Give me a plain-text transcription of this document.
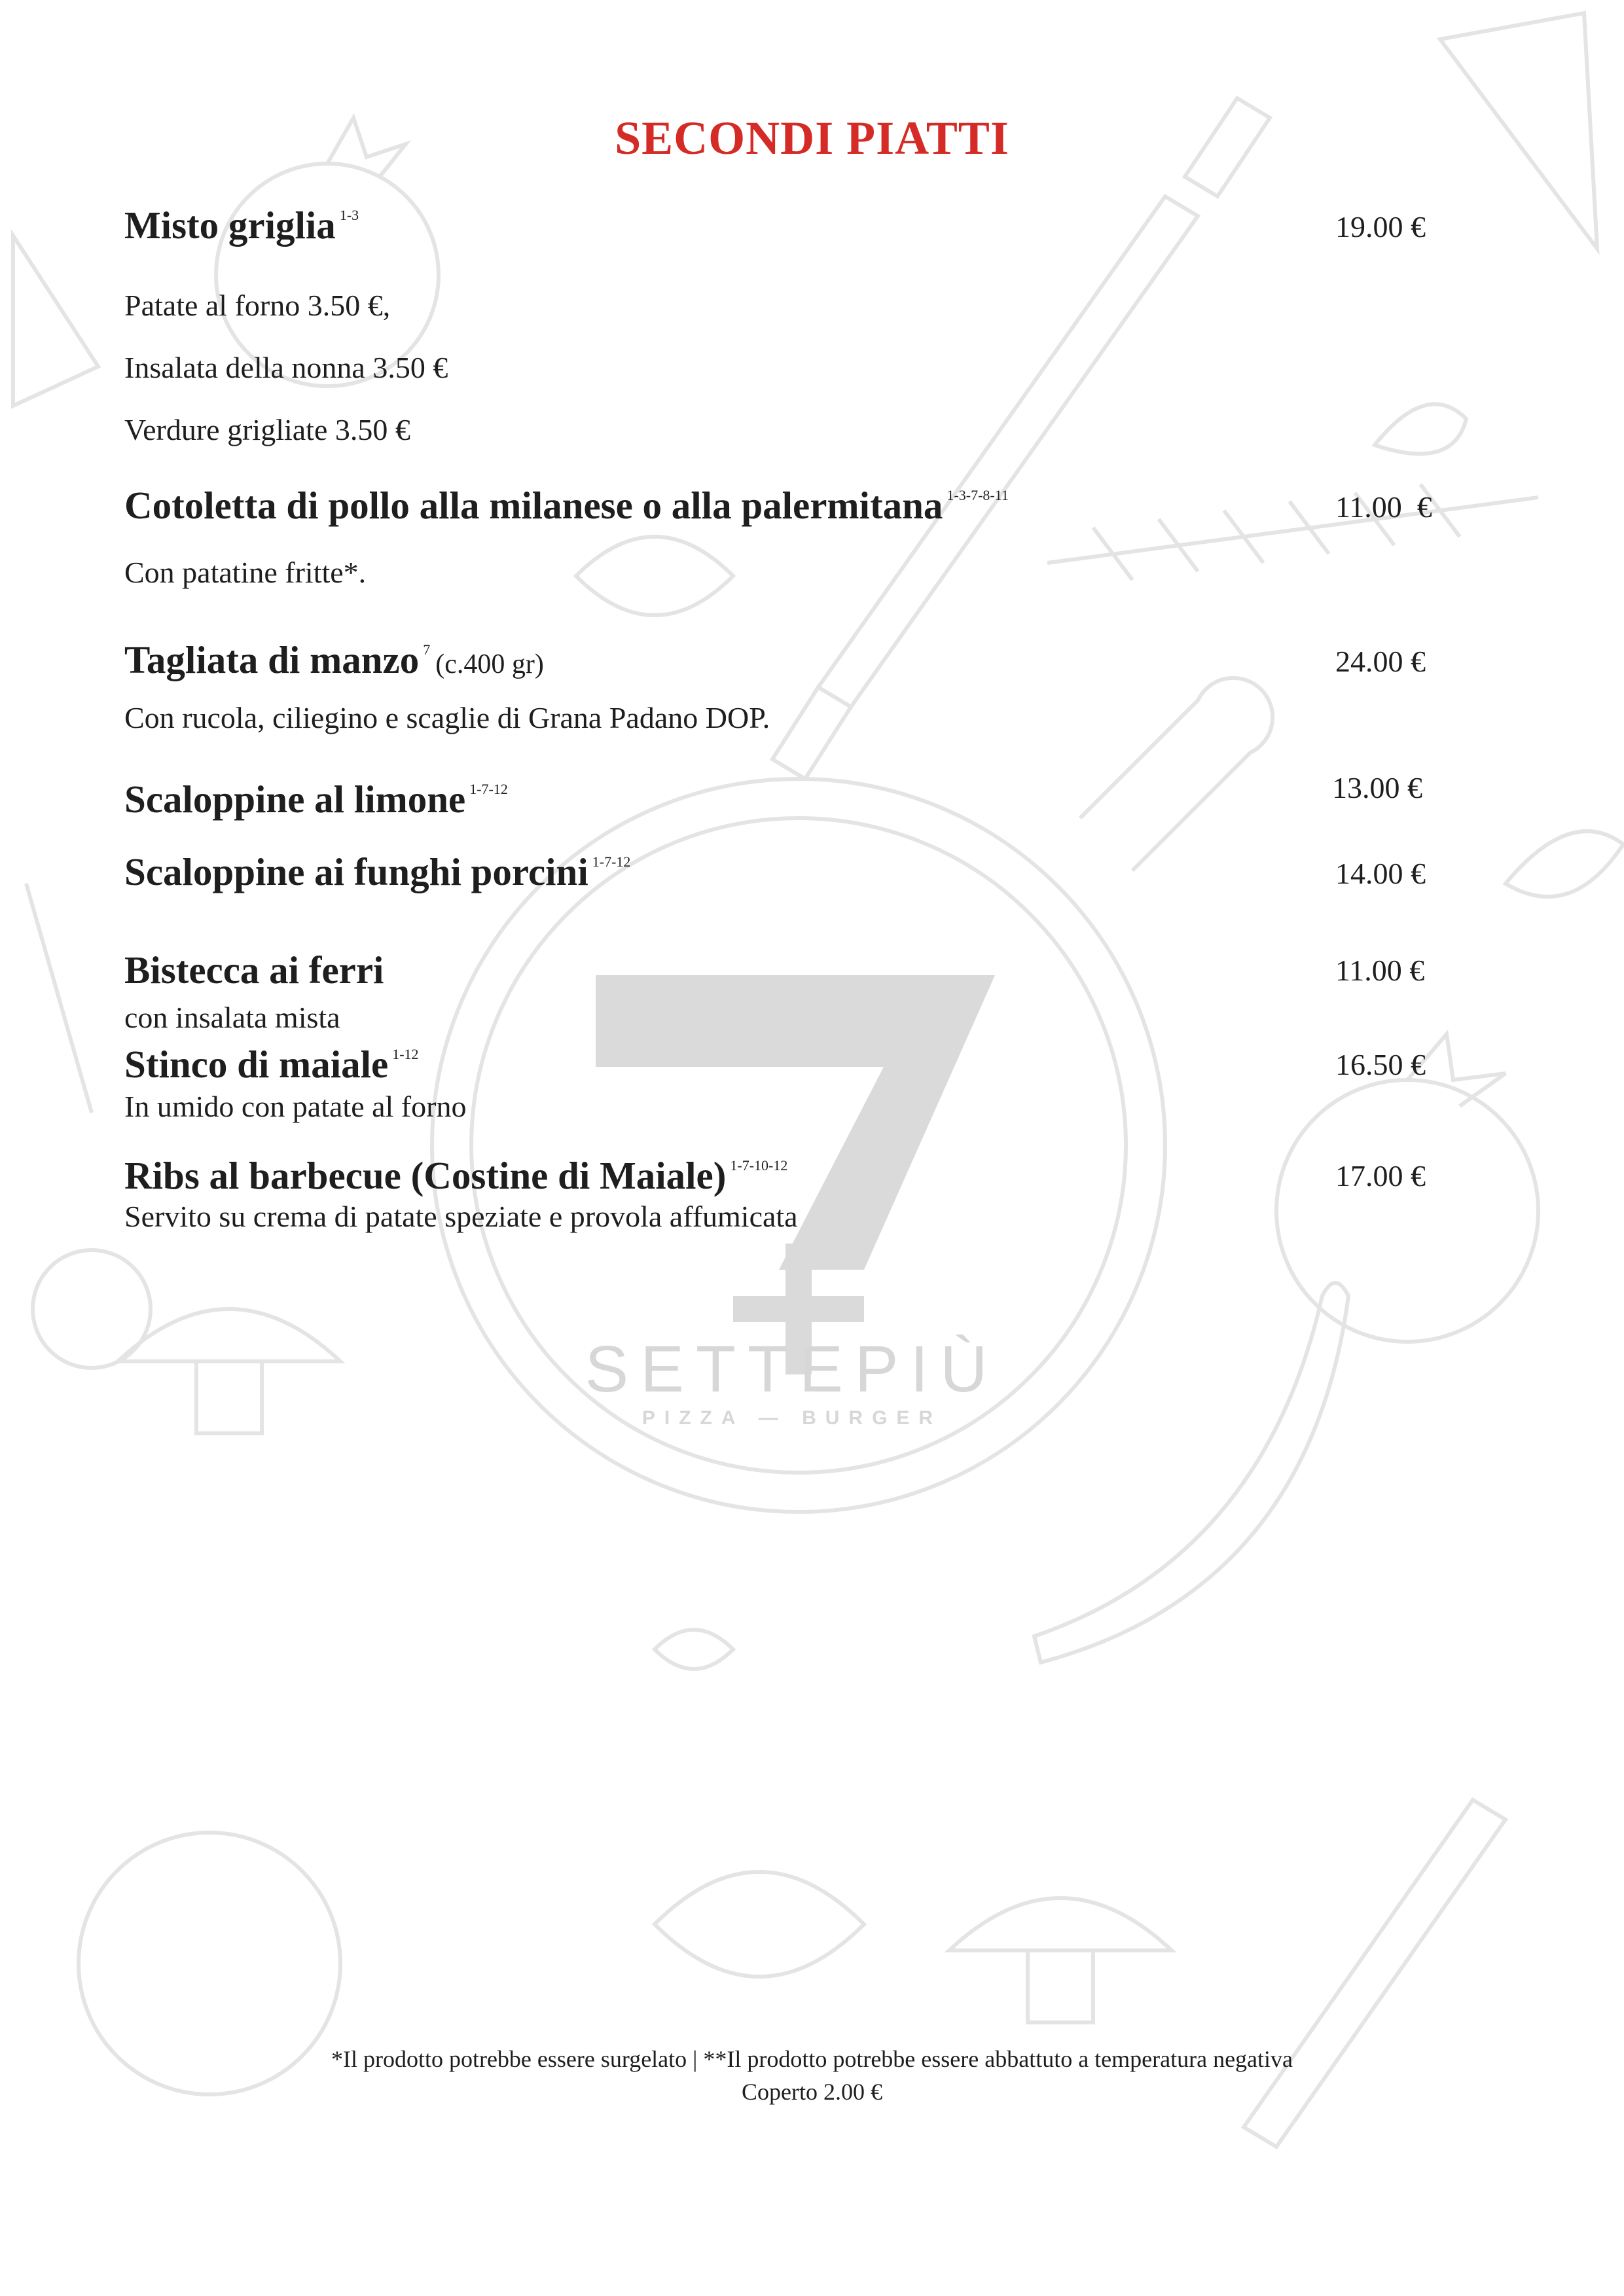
SETTEPIÙ
PIZZA — BURGER
SECONDI PIATTI
Misto griglia $^{1-3}$	19.00 €
Patate al forno 3.50 €,
Insalata della nonna 3.50 €
Verdure grigliate 3.50 €
Cotoletta di pollo alla milanese o alla palermitana $^{1-3-7-8-11}$	11.00  €
Con patatine fritte*.
Tagliata di manzo $^7$ (c.400 gr)	24.00 €
Con rucola, ciliegino e scaglie di Grana Padano DOP.
Scaloppine al limone $^{1-7-12}$	13.00 €
Scaloppine ai funghi porcini $^{1-7-12}$	14.00 €
Bistecca ai ferri	11.00 €
con insalata mista
Stinco di maiale $^{1-12}$	16.50 €
In umido con patate al forno
Ribs al barbecue (Costine di Maiale) $^{1-7-10-12}$	17.00 €
Servito su crema di patate speziate e provola affumicata
*Il prodotto potrebbe essere surgelato | **Il prodotto potrebbe essere abbattuto a temperatura negativa
Coperto 2.00 €
